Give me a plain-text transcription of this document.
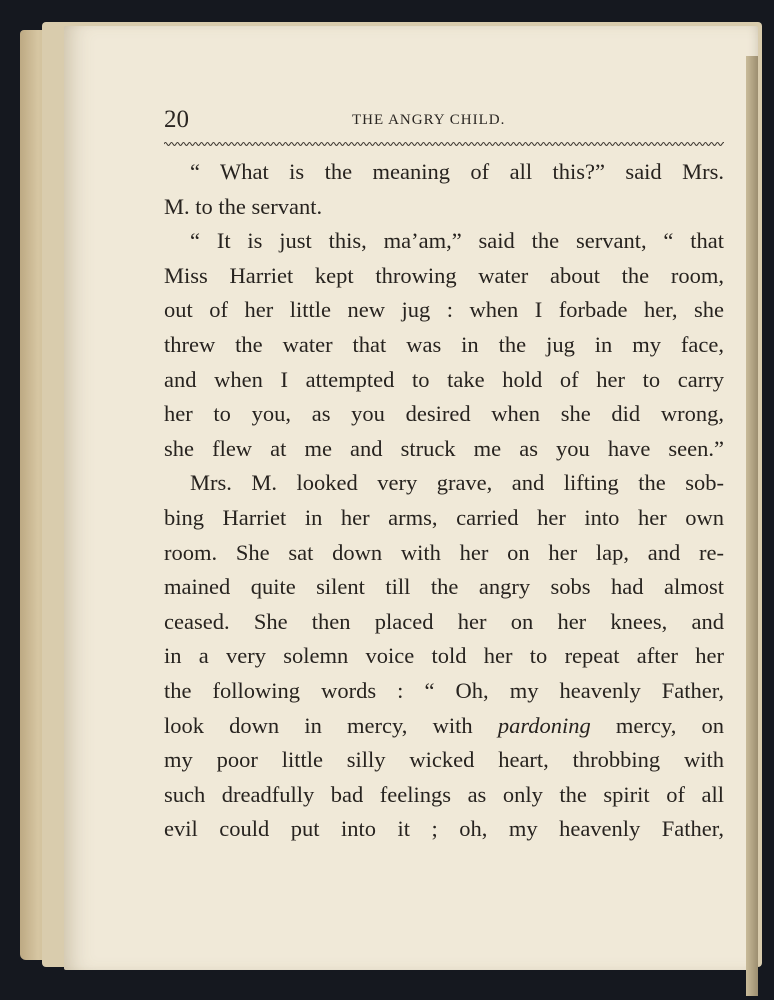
20	THE ANGRY CHILD.
“ What is the meaning of all this?” said Mrs.
M. to the servant.
“ It is just this, ma’am,” said the servant, “ that
Miss Harriet kept throwing water about the room,
out of her little new jug : when I forbade her, she
threw the water that was in the jug in my face,
and when I attempted to take hold of her to carry
her to you, as you desired when she did wrong,
she flew at me and struck me as you have seen.”
Mrs. M. looked very grave, and lifting the sob-
bing Harriet in her arms, carried her into her own
room. She sat down with her on her lap, and re-
mained quite silent till the angry sobs had almost
ceased. She then placed her on her knees, and
in a very solemn voice told her to repeat after her
the following words : “ Oh, my heavenly Father,
look down in mercy, with pardoning mercy, on
my poor little silly wicked heart, throbbing with
such dreadfully bad feelings as only the spirit of all
evil could put into it ; oh, my heavenly Father,
